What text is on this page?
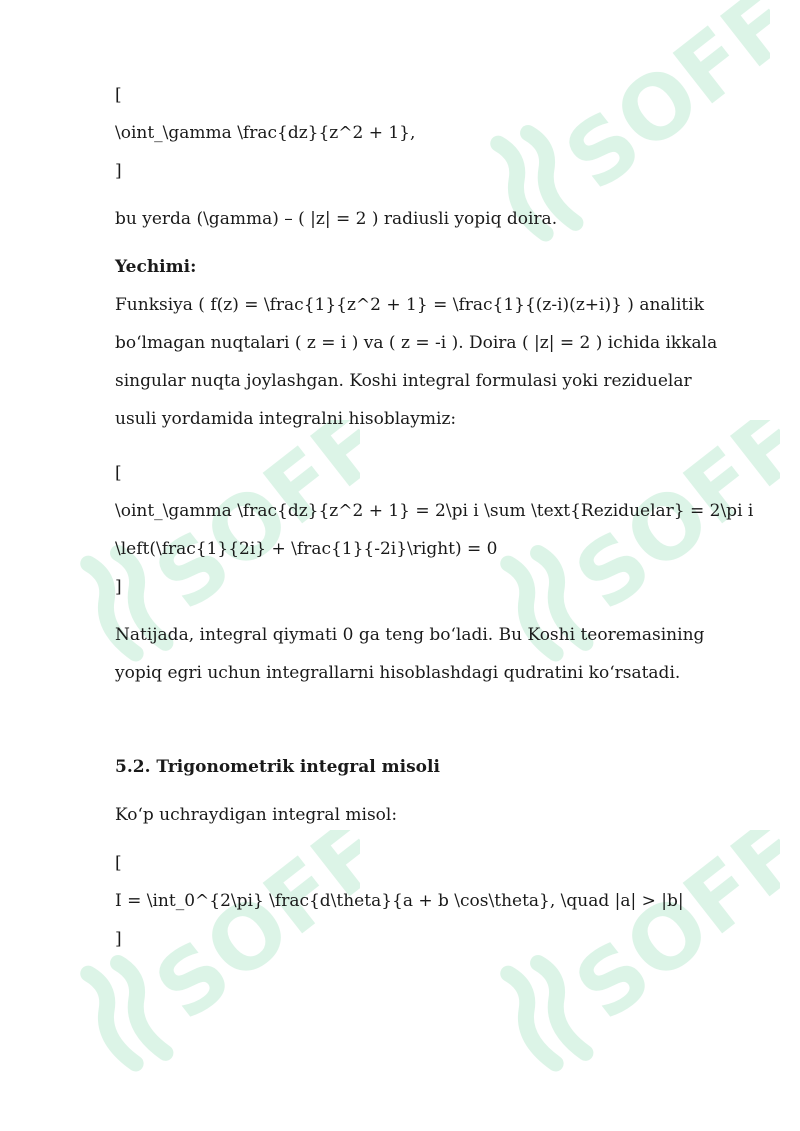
[
\oint_\gamma \frac{dz}{z^2 + 1},
]
bu yerda (\gamma) – ( |z| = 2 ) radiusli yopiq doira.
Yechimi:
Funksiya ( f(z) = \frac{1}{z^2 + 1} = \frac{1}{(z-i)(z+i)} ) analitik
bo‘lmagan nuqtalari ( z = i ) va ( z = -i ). Doira ( |z| = 2 ) ichida ikkala
singular nuqta joylashgan. Koshi integral formulasi yoki reziduelar
usuli yordamida integralni hisoblaymiz:
[
\oint_\gamma \frac{dz}{z^2 + 1} = 2\pi i \sum \text{Reziduelar} = 2\pi i
\left(\frac{1}{2i} + \frac{1}{-2i}\right) = 0
]
Natijada, integral qiymati 0 ga teng bo‘ladi. Bu Koshi teoremasining
yopiq egri uchun integrallarni hisoblashdagi qudratini ko‘rsatadi.
5.2. Trigonometrik integral misoli
Ko‘p uchraydigan integral misol:
[
I = \int_0^{2\pi} \frac{d\theta}{a + b \cos\theta}, \quad |a| > |b|
]
